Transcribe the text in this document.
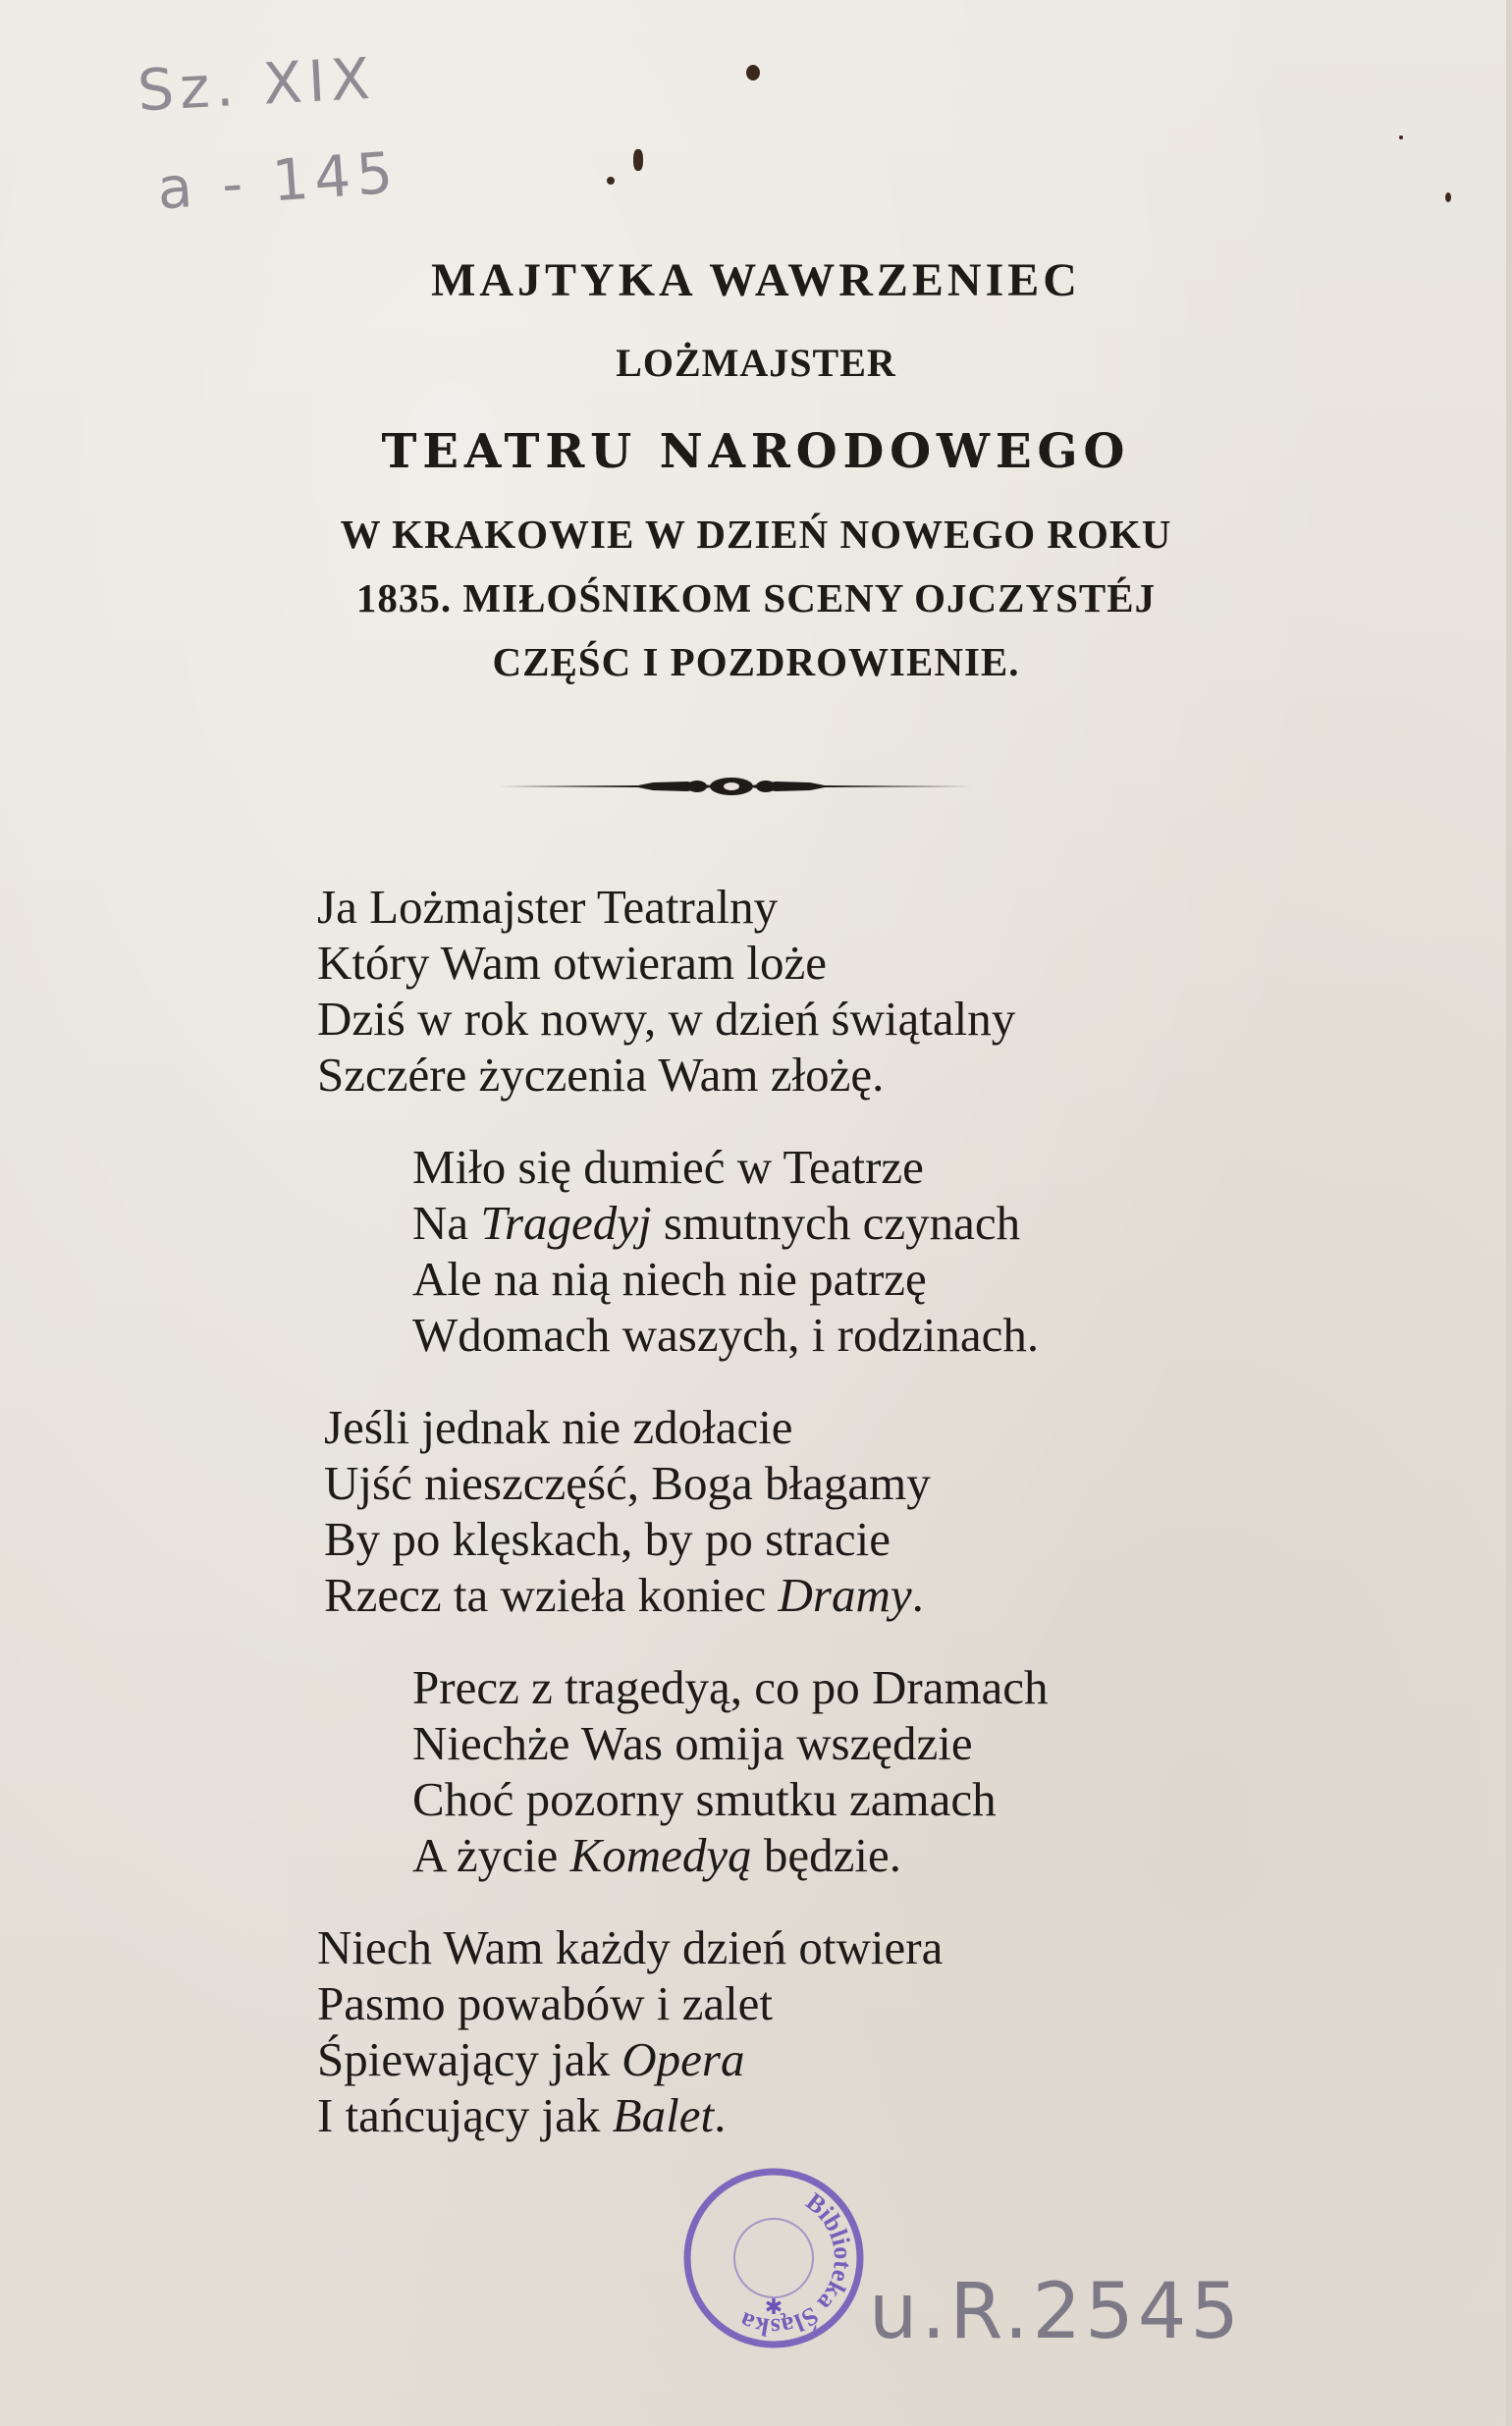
Sz. XIX
a - 145
MAJTYKA WAWRZENIEC
LOŻMAJSTER
TEATRU NARODOWEGO
W KRAKOWIE W DZIEŃ NOWEGO ROKU
1835. MIŁOŚNIKOM SCENY OJCZYSTÉJ
CZĘŚC I POZDROWIENIE.
Ja Lożmajster Teatralny
Który Wam otwieram loże
Dziś w rok nowy, w dzień świątalny
Szczére życzenia Wam złożę.
Miło się dumieć w Teatrze
Na Tragedyj smutnych czynach
Ale na nią niech nie patrzę
Wdomach waszych, i rodzinach.
Jeśli jednak nie zdołacie
Ujść nieszczęść, Boga błagamy
By po klęskach, by po stracie
Rzecz ta wzieła koniec Dramy.
Precz z tragedyą, co po Dramach
Niechże Was omija wszędzie
Choć pozorny smutku zamach
A życie Komedyą będzie.
Niech Wam każdy dzień otwiera
Pasmo powabów i zalet
Śpiewający jak Opera
I tańcujący jak Balet.
Biblioteka Śląska ✱ u.R.2545
